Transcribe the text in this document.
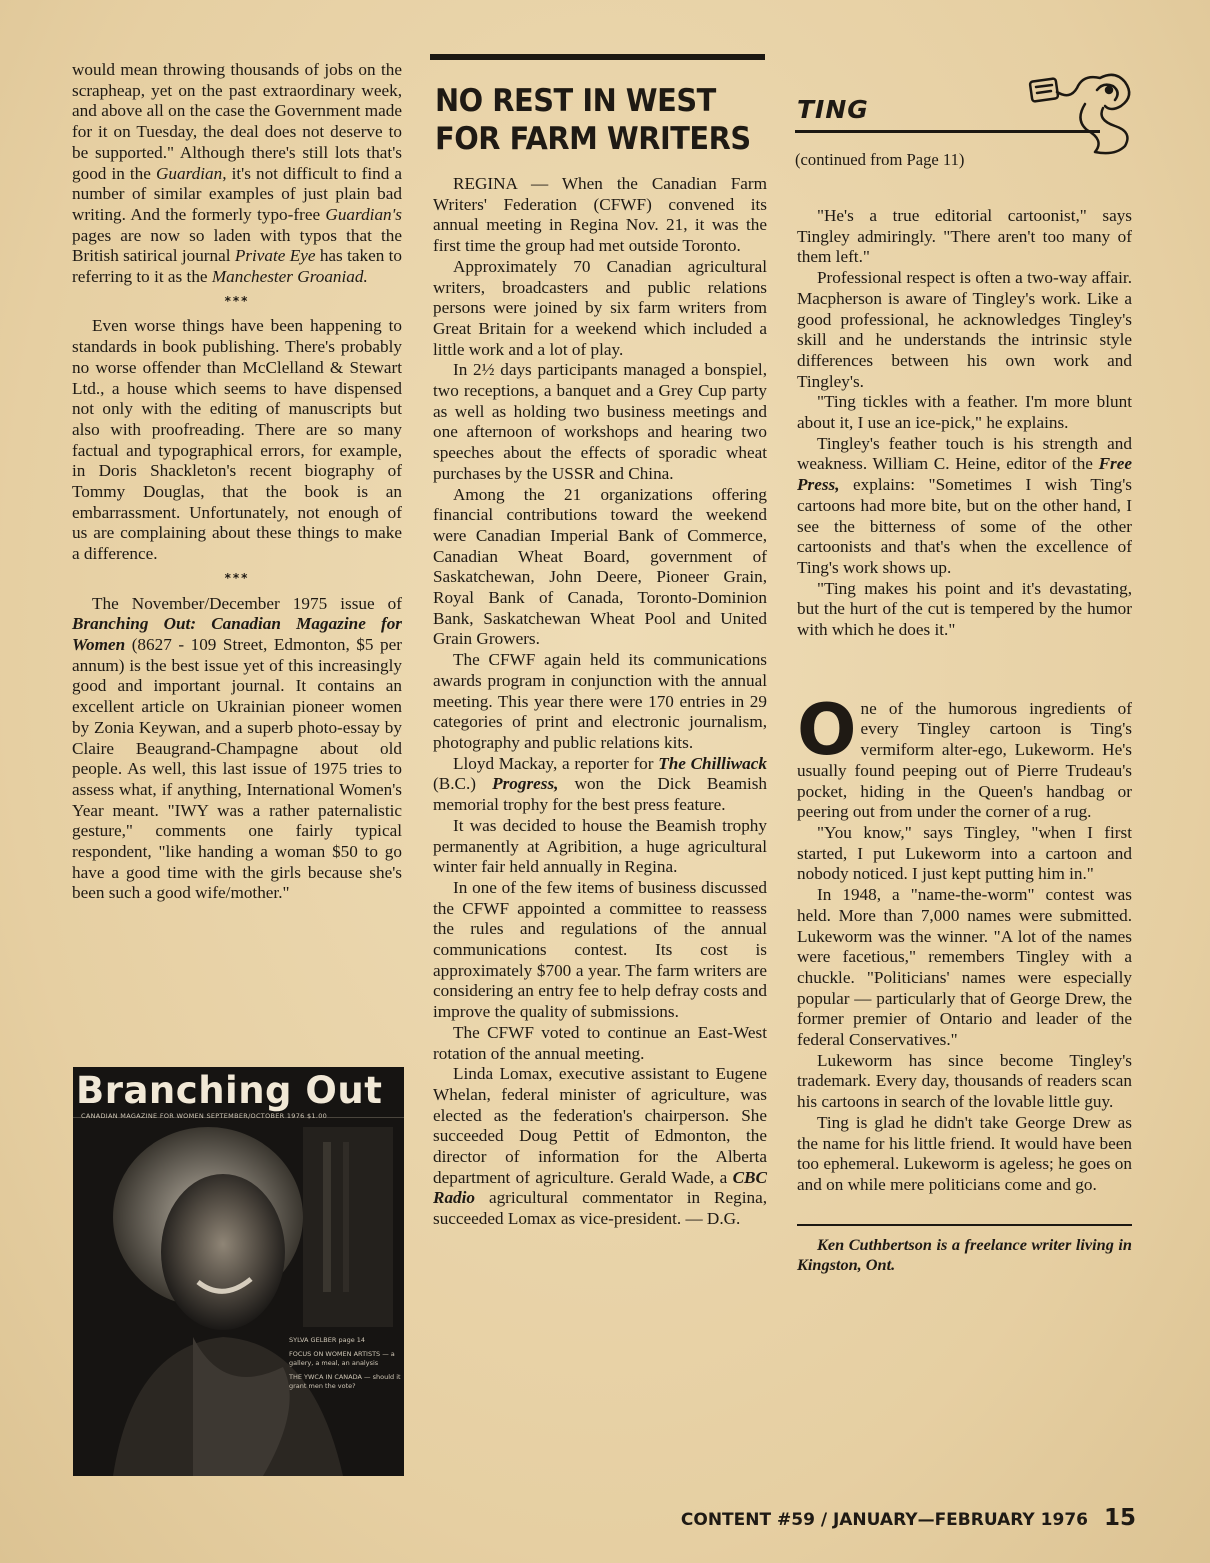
would mean throwing thousands of jobs on the scrapheap, yet on the past extraordinary week, and above all on the case the Government made for it on Tuesday, the deal does not deserve to be supported." Although there's still lots that's good in the Guardian, it's not difficult to find a number of similar examples of just plain bad writing. And the formerly typo-free Guardian's pages are now so laden with typos that the British satirical journal Private Eye has taken to referring to it as the Manchester Groaniad.

***

Even worse things have been happening to standards in book publishing. There's probably no worse offender than McClelland & Stewart Ltd., a house which seems to have dispensed not only with the editing of manuscripts but also with proofreading. There are so many factual and typographical errors, for example, in Doris Shackleton's recent biography of Tommy Douglas, that the book is an embarrassment. Unfortunately, not enough of us are complaining about these things to make a difference.

***

The November/December 1975 issue of Branching Out: Canadian Magazine for Women (8627 - 109 Street, Edmonton, $5 per annum) is the best issue yet of this increasingly good and important journal. It contains an excellent article on Ukrainian pioneer women by Zonia Keywan, and a superb photo-essay by Claire Beaugrand-Champagne about old people. As well, this last issue of 1975 tries to assess what, if anything, International Women's Year meant. "IWY was a rather paternalistic gesture," comments one fairly typical respondent, "like handing a woman $50 to go have a good time with the girls because she's been such a good wife/mother."

Branching Out
CANADIAN MAGAZINE FOR WOMEN SEPTEMBER/OCTOBER 1976 $1.00
SYLVA GELBER page 14
FOCUS ON WOMEN ARTISTS — a gallery, a meal, an analysis
THE YWCA IN CANADA — should it grant men the vote?
NO REST IN WEST
FOR FARM WRITERS

REGINA — When the Canadian Farm Writers' Federation (CFWF) convened its annual meeting in Regina Nov. 21, it was the first time the group had met outside Toronto.

Approximately 70 Canadian agricultural writers, broadcasters and public relations persons were joined by six farm writers from Great Britain for a weekend which included a little work and a lot of play.

In 2½ days participants managed a bonspiel, two receptions, a banquet and a Grey Cup party as well as holding two business meetings and one afternoon of workshops and hearing two speeches about the effects of sporadic wheat purchases by the USSR and China.

Among the 21 organizations offering financial contributions toward the weekend were Canadian Imperial Bank of Commerce, Canadian Wheat Board, government of Saskatchewan, John Deere, Pioneer Grain, Royal Bank of Canada, Toronto-Dominion Bank, Saskatchewan Wheat Pool and United Grain Growers.

The CFWF again held its communications awards program in conjunction with the annual meeting. This year there were 170 entries in 29 categories of print and electronic journalism, photography and public relations kits.

Lloyd Mackay, a reporter for The Chilliwack (B.C.) Progress, won the Dick Beamish memorial trophy for the best press feature.

It was decided to house the Beamish trophy permanently at Agribition, a huge agricultural winter fair held annually in Regina.

In one of the few items of business discussed the CFWF appointed a committee to reassess the rules and regulations of the annual communications contest. Its cost is approximately $700 a year. The farm writers are considering an entry fee to help defray costs and improve the quality of submissions.

The CFWF voted to continue an East-West rotation of the annual meeting.

Linda Lomax, executive assistant to Eugene Whelan, federal minister of agriculture, was elected as the federation's chairperson. She succeeded Doug Pettit of Edmonton, the director of information for the Alberta department of agriculture. Gerald Wade, a CBC Radio agricultural commentator in Regina, succeeded Lomax as vice-president. — D.G.

TING
(continued from Page 11)

"He's a true editorial cartoonist," says Tingley admiringly. "There aren't too many of them left."

Professional respect is often a two-way affair. Macpherson is aware of Tingley's work. Like a good professional, he acknowledges Tingley's skill and he understands the intrinsic style differences between his own work and Tingley's.

"Ting tickles with a feather. I'm more blunt about it, I use an ice-pick," he explains.

Tingley's feather touch is his strength and weakness. William C. Heine, editor of the Free Press, explains: "Sometimes I wish Ting's cartoons had more bite, but on the other hand, I see the bitterness of some of the other cartoonists and that's when the excellence of Ting's work shows up.

"Ting makes his point and it's devastating, but the hurt of the cut is tempered by the humor with which he does it."

One of the humorous ingredients of every Tingley cartoon is Ting's vermiform alter-ego, Lukeworm. He's usually found peeping out of Pierre Trudeau's pocket, hiding in the Queen's handbag or peering out from under the corner of a rug.

"You know," says Tingley, "when I first started, I put Lukeworm into a cartoon and nobody noticed. I just kept putting him in."

In 1948, a "name-the-worm" contest was held. More than 7,000 names were submitted. Lukeworm was the winner. "A lot of the names were facetious," remembers Tingley with a chuckle. "Politicians' names were especially popular — particularly that of George Drew, the former premier of Ontario and leader of the federal Conservatives."

Lukeworm has since become Tingley's trademark. Every day, thousands of readers scan his cartoons in search of the lovable little guy.

Ting is glad he didn't take George Drew as the name for his little friend. It would have been too ephemeral. Lukeworm is ageless; he goes on and on while mere politicians come and go.

Ken Cuthbertson is a freelance writer living in Kingston, Ont.
CONTENT #59 / JANUARY—FEBRUARY 1976 15
